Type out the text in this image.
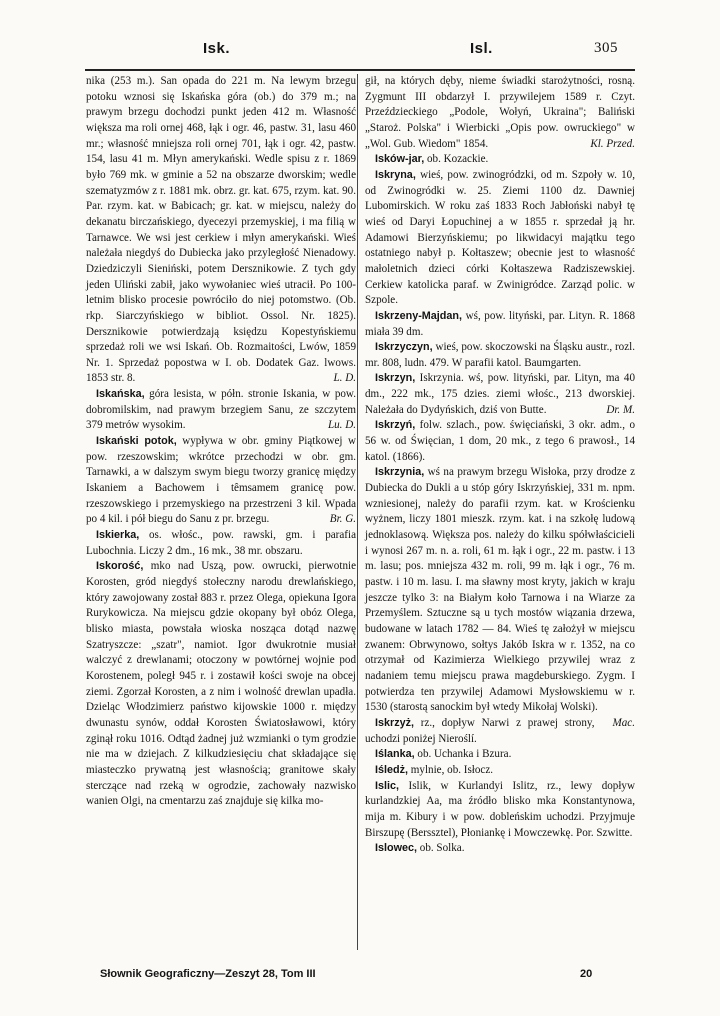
Isk.	Isl.	305

nika (253 m.). San opada do 221 m. Na lewym brzegu potoku wznosi się Iskańska góra (ob.) do 379 m.; na prawym brzegu dochodzi punkt jeden 412 m. Własność większa ma roli ornej 468, łąk i ogr. 46, pastw. 31, lasu 460 mr.; własność mniejsza roli ornej 701, łąk i ogr. 42, pastw. 154, lasu 41 m. Młyn amerykański. Wedle spisu z r. 1869 było 769 mk. w gminie a 52 na obszarze dworskim; wedle szematyzmów z r. 1881 mk. obrz. gr. kat. 675, rzym. kat. 90. Par. rzym. kat. w Babicach; gr. kat. w miejscu, należy do dekanatu birczańskiego, dyecezyi przemyskiej, i ma filią w Tarnawce. We wsi jest cerkiew i młyn amerykański. Wieś należała niegdyś do Dubiecka jako przyległość Nienadowy. Dziedziczyli Sieniński, potem Dersznikowie. Z tych gdy jeden Uliński zabił, jako wywołaniec wieś utracił. Po 100-letnim blisko procesie powróciło do niej potomstwo. (Ob. rkp. Siarczyńskiego w bibliot. Ossol. Nr. 1825). Dersznikowie potwierdzają księdzu Kopestyńskiemu sprzedaż roli we wsi Iskań. Ob. Rozmaitości, Lwów, 1859 Nr. 1. Sprzedaż popostwa w I. ob. Dodatek Gaz. lwows. 1853 str. 8.	L. D.

Iskańska, góra lesista, w półn. stronie Iskania, w pow. dobromilskim, nad prawym brzegiem Sanu, ze szczytem 379 metrów wysokim.	Lu. D.

Iskański potok, wypływa w obr. gminy Piątkowej w pow. rzeszowskim; wkrótce przechodzi w obr. gm. Tarnawki, a w dalszym swym biegu tworzy granicę między Iskaniem a Bachowem i têmsamem granicę pow. rzeszowskiego i przemyskiego na przestrzeni 3 kil. Wpada po 4 kil. i pół biegu do Sanu z pr. brzegu.	Br. G.

Iskierka, os. włośc., pow. rawski, gm. i parafia Lubochnia. Liczy 2 dm., 16 mk., 38 mr. obszaru.

Iskorość, mko nad Uszą, pow. owrucki, pierwotnie Korosten, gród niegdyś stołeczny narodu drewlańskiego, który zawojowany został 883 r. przez Olega, opiekuna Igora Rurykowicza. Na miejscu gdzie okopany był obóz Olega, blisko miasta, powstała wioska nosząca dotąd nazwę Szatryszcze: „szatr", namiot. Igor dwukrotnie musiał walczyć z drewlanami; otoczony w powtórnej wojnie pod Korostenem, poległ 945 r. i zostawił kości swoje na obcej ziemi. Zgorzał Korosten, a z nim i wolność drewlan upadła. Dzieląc Włodzimierz państwo kijowskie 1000 r. między dwunastu synów, oddał Korosten Światosławowi, który zginął roku 1016. Odtąd żadnej już wzmianki o tym grodzie nie ma w dziejach. Z kilkudziesięciu chat składające się miasteczko prywatną jest własnością; granitowe skały sterczące nad rzeką w ogrodzie, zachowały nazwisko wanien Olgi, na cmentarzu zaś znajduje się kilka mo-

gił, na których dęby, nieme świadki starożytności, rosną. Zygmunt III obdarzył I. przywilejem 1589 r. Czyt. Przeździeckiego „Podole, Wołyń, Ukraina"; Baliński „Staroż. Polska" i Wierbicki „Opis pow. owruckiego" w „Wol. Gub. Wiedom" 1854.	Kl. Przed.

Isków-jar, ob. Kozackie.

Iskryna, wieś, pow. zwinogródzki, od m. Szpoły w. 10, od Zwinogródki w. 25. Ziemi 1100 dz. Dawniej Lubomirskich. W roku zaś 1833 Roch Jabłoński nabył tę wieś od Daryi Łopuchinej a w 1855 r. sprzedał ją hr. Adamowi Bierzyńskiemu; po likwidacyi majątku tego ostatniego nabył p. Kołtaszew; obecnie jest to własność małoletnich dzieci córki Kołtaszewa Radziszewskiej. Cerkiew katolicka paraf. w Zwinigródce. Zarząd polic. w Szpole.

Iskrzeny-Majdan, wś, pow. lityński, par. Lityn. R. 1868 miała 39 dm.

Iskrzyczyn, wieś, pow. skoczowski na Śląsku austr., rozl. mr. 808, ludn. 479. W parafii katol. Baumgarten.

Iskrzyn, Iskrzynia. wś, pow. lityński, par. Lityn, ma 40 dm., 222 mk., 175 dzies. ziemi włośc., 213 dworskiej. Należała do Dydyńskich, dziś von Butte.	Dr. M.

Iskrzyń, folw. szlach., pow. święciański, 3 okr. adm., o 56 w. od Święcian, 1 dom, 20 mk., z tego 6 prawosł., 14 katol. (1866).

Iskrzynia, wś na prawym brzegu Wisłoka, przy drodze z Dubiecka do Dukli a u stóp góry Iskrzyńskiej, 331 m. npm. wzniesionej, należy do parafii rzym. kat. w Krościenku wyżnem, liczy 1801 mieszk. rzym. kat. i na szkołę ludową jednoklasową. Większa pos. należy do kilku spółwłaścicieli i wynosi 267 m. n. a. roli, 61 m. łąk i ogr., 22 m. pastw. i 13 m. lasu; pos. mniejsza 432 m. roli, 99 m. łąk i ogr., 76 m. pastw. i 10 m. lasu. I. ma sławny most kryty, jakich w kraju jeszcze tylko 3: na Białym koło Tarnowa i na Wiarze za Przemyślem. Sztuczne są u tych mostów wiązania drzewa, budowane w latach 1782 — 84. Wieś tę założył w miejscu zwanem: Obrwynowo, sołtys Jakób Iskra w r. 1352, na co otrzymał od Kazimierza Wielkiego przywilej wraz z nadaniem temu miejscu prawa magdeburskiego. Zygm. I potwierdza ten przywilej Adamowi Mysłowskiemu w r. 1530 (starostą sanockim był wtedy Mikołaj Wolski).
Mac.

Iskrzyż, rz., dopływ Narwi z prawej strony, uchodzi poniżej Nieroślí.

Iślanka, ob. Uchanka i Bzura.

Iśledż, mylnie, ob. Isłocz.

Islic, Islik, w Kurlandyi Islitz, rz., lewy dopływ kurlandzkiej Aa, ma źródło blisko mka Konstantynowa, mija m. Kibury i w pow. dobleńskim uchodzi. Przyjmuje Birszupę (Berssztel), Płoniankę i Mowczewkę. Por. Szwitte.

Islowec, ob. Solka.

Słownik Geograficzny—Zeszyt 28, Tom III	20
